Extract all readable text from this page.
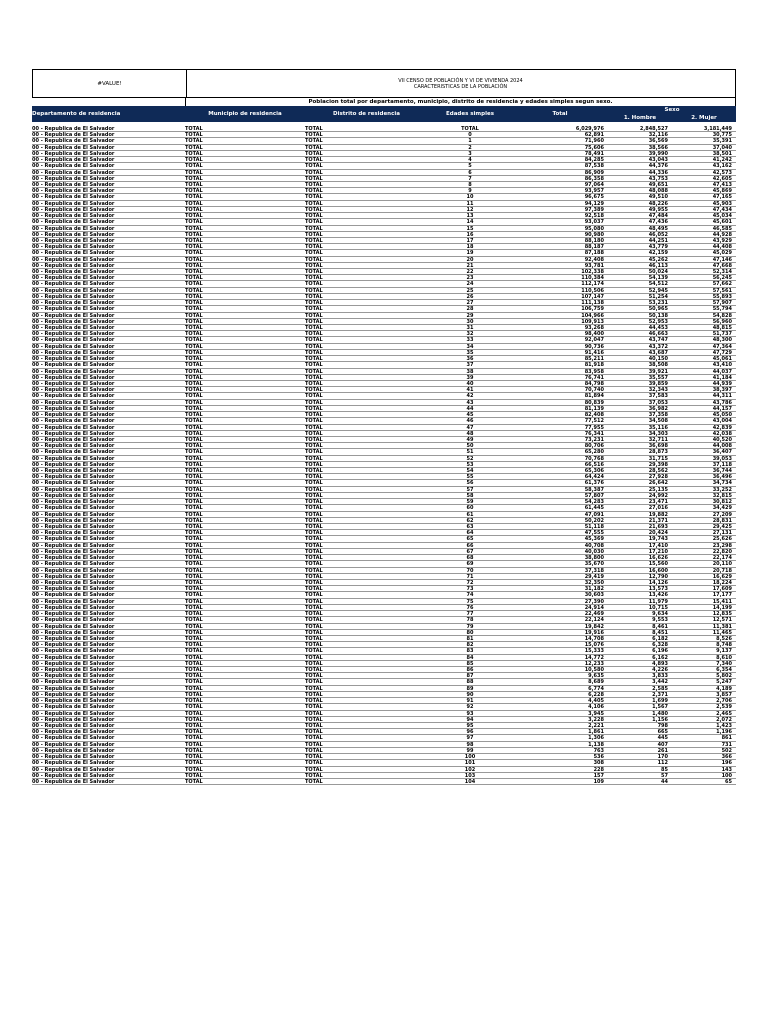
#VALUE!	VII CENSO DE POBLACIÓN Y VI DE VIVIENDA 2024
CARACTERISTICAS DE LA POBLACIÓN
Poblacion total por departamento, municipio, distrito de residencia y edades simples segun sexo.
Departamento de residencia	Municipio de residencia	Distrito de residencia	Edades simples	Total
Sexo
1. Hombre	2. Mujer
00 - Republica de El Salvador	TOTAL	TOTAL	TOTAL	6,029,976	2,848,527	3,181,449
00 - Republica de El Salvador	TOTAL	TOTAL	0	62,891	32,116	30,775
00 - Republica de El Salvador	TOTAL	TOTAL	1	71,960	36,569	35,391
00 - Republica de El Salvador	TOTAL	TOTAL	2	75,606	38,566	37,040
00 - Republica de El Salvador	TOTAL	TOTAL	3	78,491	39,990	38,501
00 - Republica de El Salvador	TOTAL	TOTAL	4	84,285	43,043	41,242
00 - Republica de El Salvador	TOTAL	TOTAL	5	87,538	44,376	43,162
00 - Republica de El Salvador	TOTAL	TOTAL	6	86,909	44,336	42,573
00 - Republica de El Salvador	TOTAL	TOTAL	7	86,358	43,753	42,605
00 - Republica de El Salvador	TOTAL	TOTAL	8	97,064	49,651	47,413
00 - Republica de El Salvador	TOTAL	TOTAL	9	93,957	48,088	45,869
00 - Republica de El Salvador	TOTAL	TOTAL	10	96,675	49,510	47,165
00 - Republica de El Salvador	TOTAL	TOTAL	11	94,129	48,226	45,903
00 - Republica de El Salvador	TOTAL	TOTAL	12	97,389	49,955	47,434
00 - Republica de El Salvador	TOTAL	TOTAL	13	92,518	47,484	45,034
00 - Republica de El Salvador	TOTAL	TOTAL	14	93,037	47,436	45,601
00 - Republica de El Salvador	TOTAL	TOTAL	15	95,080	48,495	46,585
00 - Republica de El Salvador	TOTAL	TOTAL	16	90,980	46,052	44,928
00 - Republica de El Salvador	TOTAL	TOTAL	17	88,180	44,251	43,929
00 - Republica de El Salvador	TOTAL	TOTAL	18	88,187	43,779	44,408
00 - Republica de El Salvador	TOTAL	TOTAL	19	87,188	42,159	45,029
00 - Republica de El Salvador	TOTAL	TOTAL	20	92,408	45,262	47,146
00 - Republica de El Salvador	TOTAL	TOTAL	21	93,781	46,113	47,668
00 - Republica de El Salvador	TOTAL	TOTAL	22	102,338	50,024	52,314
00 - Republica de El Salvador	TOTAL	TOTAL	23	110,384	54,139	56,245
00 - Republica de El Salvador	TOTAL	TOTAL	24	112,174	54,512	57,662
00 - Republica de El Salvador	TOTAL	TOTAL	25	110,506	52,945	57,561
00 - Republica de El Salvador	TOTAL	TOTAL	26	107,147	51,254	55,893
00 - Republica de El Salvador	TOTAL	TOTAL	27	111,138	53,231	57,907
00 - Republica de El Salvador	TOTAL	TOTAL	28	106,759	50,965	55,794
00 - Republica de El Salvador	TOTAL	TOTAL	29	104,966	50,138	54,828
00 - Republica de El Salvador	TOTAL	TOTAL	30	109,913	52,953	56,960
00 - Republica de El Salvador	TOTAL	TOTAL	31	93,268	44,453	48,815
00 - Republica de El Salvador	TOTAL	TOTAL	32	98,400	46,663	51,737
00 - Republica de El Salvador	TOTAL	TOTAL	33	92,047	43,747	48,300
00 - Republica de El Salvador	TOTAL	TOTAL	34	90,736	43,372	47,364
00 - Republica de El Salvador	TOTAL	TOTAL	35	91,416	43,687	47,729
00 - Republica de El Salvador	TOTAL	TOTAL	36	85,211	40,150	45,061
00 - Republica de El Salvador	TOTAL	TOTAL	37	81,918	38,508	43,410
00 - Republica de El Salvador	TOTAL	TOTAL	38	83,958	39,921	44,037
00 - Republica de El Salvador	TOTAL	TOTAL	39	76,741	35,557	41,184
00 - Republica de El Salvador	TOTAL	TOTAL	40	84,798	39,859	44,939
00 - Republica de El Salvador	TOTAL	TOTAL	41	70,740	32,343	38,397
00 - Republica de El Salvador	TOTAL	TOTAL	42	81,894	37,583	44,311
00 - Republica de El Salvador	TOTAL	TOTAL	43	80,839	37,053	43,786
00 - Republica de El Salvador	TOTAL	TOTAL	44	81,139	36,982	44,157
00 - Republica de El Salvador	TOTAL	TOTAL	45	82,408	37,358	45,050
00 - Republica de El Salvador	TOTAL	TOTAL	46	77,512	34,508	43,004
00 - Republica de El Salvador	TOTAL	TOTAL	47	77,955	35,116	42,839
00 - Republica de El Salvador	TOTAL	TOTAL	48	76,341	34,303	42,038
00 - Republica de El Salvador	TOTAL	TOTAL	49	73,231	32,711	40,520
00 - Republica de El Salvador	TOTAL	TOTAL	50	80,706	36,698	44,008
00 - Republica de El Salvador	TOTAL	TOTAL	51	65,280	28,873	36,407
00 - Republica de El Salvador	TOTAL	TOTAL	52	70,768	31,715	39,053
00 - Republica de El Salvador	TOTAL	TOTAL	53	66,516	29,398	37,118
00 - Republica de El Salvador	TOTAL	TOTAL	54	65,306	28,562	36,744
00 - Republica de El Salvador	TOTAL	TOTAL	55	64,424	27,928	36,496
00 - Republica de El Salvador	TOTAL	TOTAL	56	61,376	26,642	34,734
00 - Republica de El Salvador	TOTAL	TOTAL	57	58,387	25,135	33,252
00 - Republica de El Salvador	TOTAL	TOTAL	58	57,807	24,992	32,815
00 - Republica de El Salvador	TOTAL	TOTAL	59	54,283	23,471	30,812
00 - Republica de El Salvador	TOTAL	TOTAL	60	61,445	27,016	34,429
00 - Republica de El Salvador	TOTAL	TOTAL	61	47,091	19,882	27,209
00 - Republica de El Salvador	TOTAL	TOTAL	62	50,202	21,371	28,831
00 - Republica de El Salvador	TOTAL	TOTAL	63	51,118	21,693	29,425
00 - Republica de El Salvador	TOTAL	TOTAL	64	47,555	20,424	27,131
00 - Republica de El Salvador	TOTAL	TOTAL	65	45,369	19,743	25,626
00 - Republica de El Salvador	TOTAL	TOTAL	66	40,708	17,410	23,298
00 - Republica de El Salvador	TOTAL	TOTAL	67	40,030	17,210	22,820
00 - Republica de El Salvador	TOTAL	TOTAL	68	38,800	16,626	22,174
00 - Republica de El Salvador	TOTAL	TOTAL	69	35,670	15,560	20,110
00 - Republica de El Salvador	TOTAL	TOTAL	70	37,318	16,600	20,718
00 - Republica de El Salvador	TOTAL	TOTAL	71	29,419	12,790	16,629
00 - Republica de El Salvador	TOTAL	TOTAL	72	32,350	14,126	18,224
00 - Republica de El Salvador	TOTAL	TOTAL	73	31,182	13,573	17,609
00 - Republica de El Salvador	TOTAL	TOTAL	74	30,603	13,426	17,177
00 - Republica de El Salvador	TOTAL	TOTAL	75	27,390	11,979	15,411
00 - Republica de El Salvador	TOTAL	TOTAL	76	24,914	10,715	14,199
00 - Republica de El Salvador	TOTAL	TOTAL	77	22,469	9,634	12,835
00 - Republica de El Salvador	TOTAL	TOTAL	78	22,124	9,553	12,571
00 - Republica de El Salvador	TOTAL	TOTAL	79	19,842	8,461	11,381
00 - Republica de El Salvador	TOTAL	TOTAL	80	19,916	8,451	11,465
00 - Republica de El Salvador	TOTAL	TOTAL	81	14,708	6,182	8,526
00 - Republica de El Salvador	TOTAL	TOTAL	82	15,076	6,328	8,748
00 - Republica de El Salvador	TOTAL	TOTAL	83	15,333	6,196	9,137
00 - Republica de El Salvador	TOTAL	TOTAL	84	14,772	6,162	8,610
00 - Republica de El Salvador	TOTAL	TOTAL	85	12,233	4,893	7,340
00 - Republica de El Salvador	TOTAL	TOTAL	86	10,580	4,226	6,354
00 - Republica de El Salvador	TOTAL	TOTAL	87	9,635	3,833	5,802
00 - Republica de El Salvador	TOTAL	TOTAL	88	8,689	3,442	5,247
00 - Republica de El Salvador	TOTAL	TOTAL	89	6,774	2,585	4,189
00 - Republica de El Salvador	TOTAL	TOTAL	90	6,228	2,371	3,857
00 - Republica de El Salvador	TOTAL	TOTAL	91	4,405	1,699	2,706
00 - Republica de El Salvador	TOTAL	TOTAL	92	4,106	1,567	2,539
00 - Republica de El Salvador	TOTAL	TOTAL	93	3,945	1,480	2,465
00 - Republica de El Salvador	TOTAL	TOTAL	94	3,228	1,156	2,072
00 - Republica de El Salvador	TOTAL	TOTAL	95	2,221	798	1,423
00 - Republica de El Salvador	TOTAL	TOTAL	96	1,861	665	1,196
00 - Republica de El Salvador	TOTAL	TOTAL	97	1,306	445	861
00 - Republica de El Salvador	TOTAL	TOTAL	98	1,138	407	731
00 - Republica de El Salvador	TOTAL	TOTAL	99	763	261	502
00 - Republica de El Salvador	TOTAL	TOTAL	100	536	170	366
00 - Republica de El Salvador	TOTAL	TOTAL	101	308	112	196
00 - Republica de El Salvador	TOTAL	TOTAL	102	228	85	143
00 - Republica de El Salvador	TOTAL	TOTAL	103	157	57	100
00 - Republica de El Salvador	TOTAL	TOTAL	104	109	44	65
